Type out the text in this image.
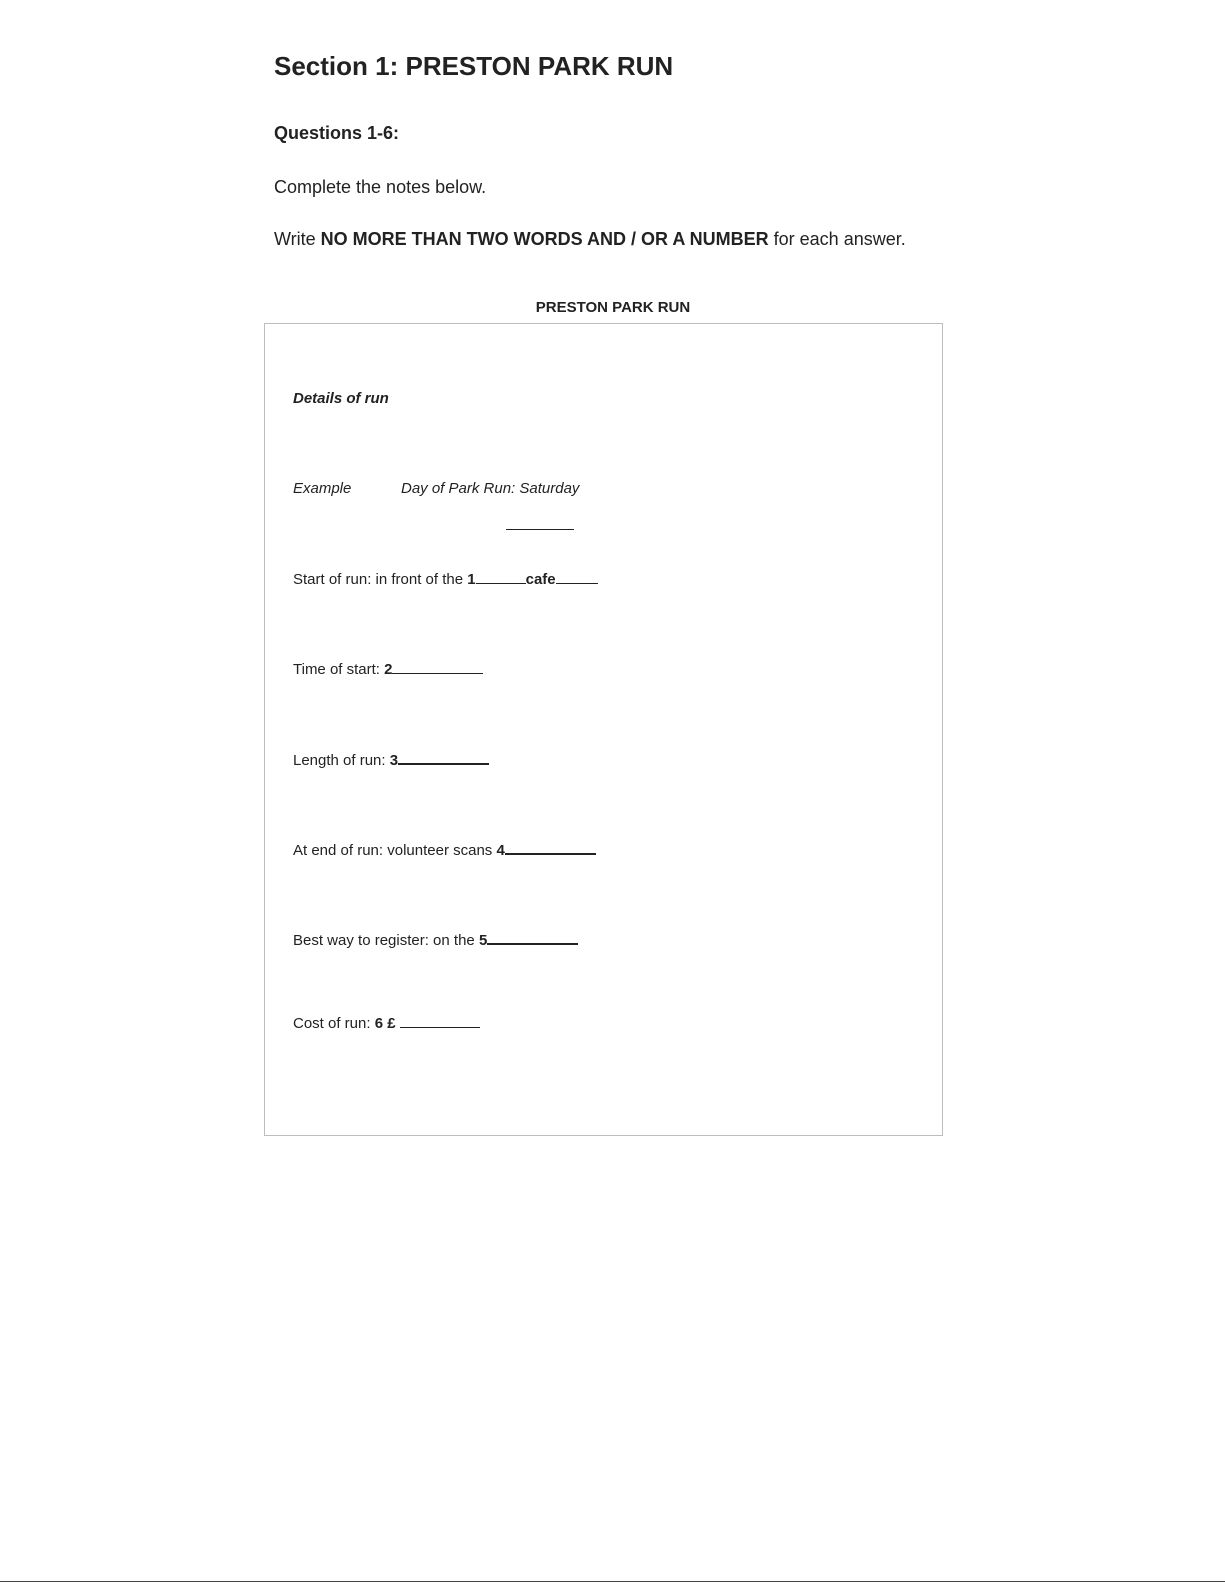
Section 1: PRESTON PARK RUN
Questions 1-6:
Complete the notes below.
Write NO MORE THAN TWO WORDS AND / OR A NUMBER for each answer.
PRESTON PARK RUN
Details of run
Example	Day of Park Run: Saturday
Start of run: in front of the 1	cafe
Time of start: 2
Length of run: 3
At end of run: volunteer scans 4
Best way to register: on the 5
Cost of run: 6 £
